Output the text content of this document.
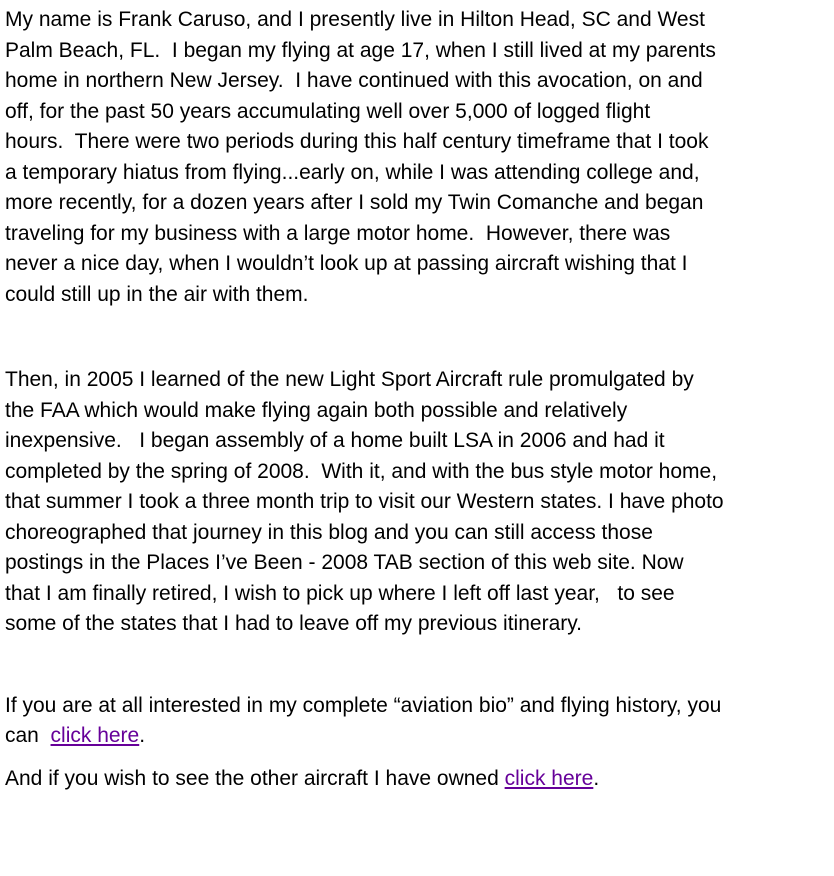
My name is Frank Caruso, and I presently live in Hilton Head, SC and West
Palm Beach, FL.  I began my flying at age 17, when I still lived at my parents
home in northern New Jersey.  I have continued with this avocation, on and
off, for the past 50 years accumulating well over 5,000 of logged flight
hours.  There were two periods during this half century timeframe that I took
a temporary hiatus from flying...early on, while I was attending college and,
more recently, for a dozen years after I sold my Twin Comanche and began
traveling for my business with a large motor home.  However, there was
never a nice day, when I wouldn’t look up at passing aircraft wishing that I
could still up in the air with them.

Then, in 2005 I learned of the new Light Sport Aircraft rule promulgated by
the FAA which would make flying again both possible and relatively
inexpensive.   I began assembly of a home built LSA in 2006 and had it
completed by the spring of 2008.  With it, and with the bus style motor home,
that summer I took a three month trip to visit our Western states. I have photo
choreographed that journey in this blog and you can still access those
postings in the Places I’ve Been - 2008 TAB section of this web site. Now
that I am finally retired, I wish to pick up where I left off last year,   to see
some of the states that I had to leave off my previous itinerary.

If you are at all interested in my complete “aviation bio” and flying history, you
can  click here.

And if you wish to see the other aircraft I have owned click here.
